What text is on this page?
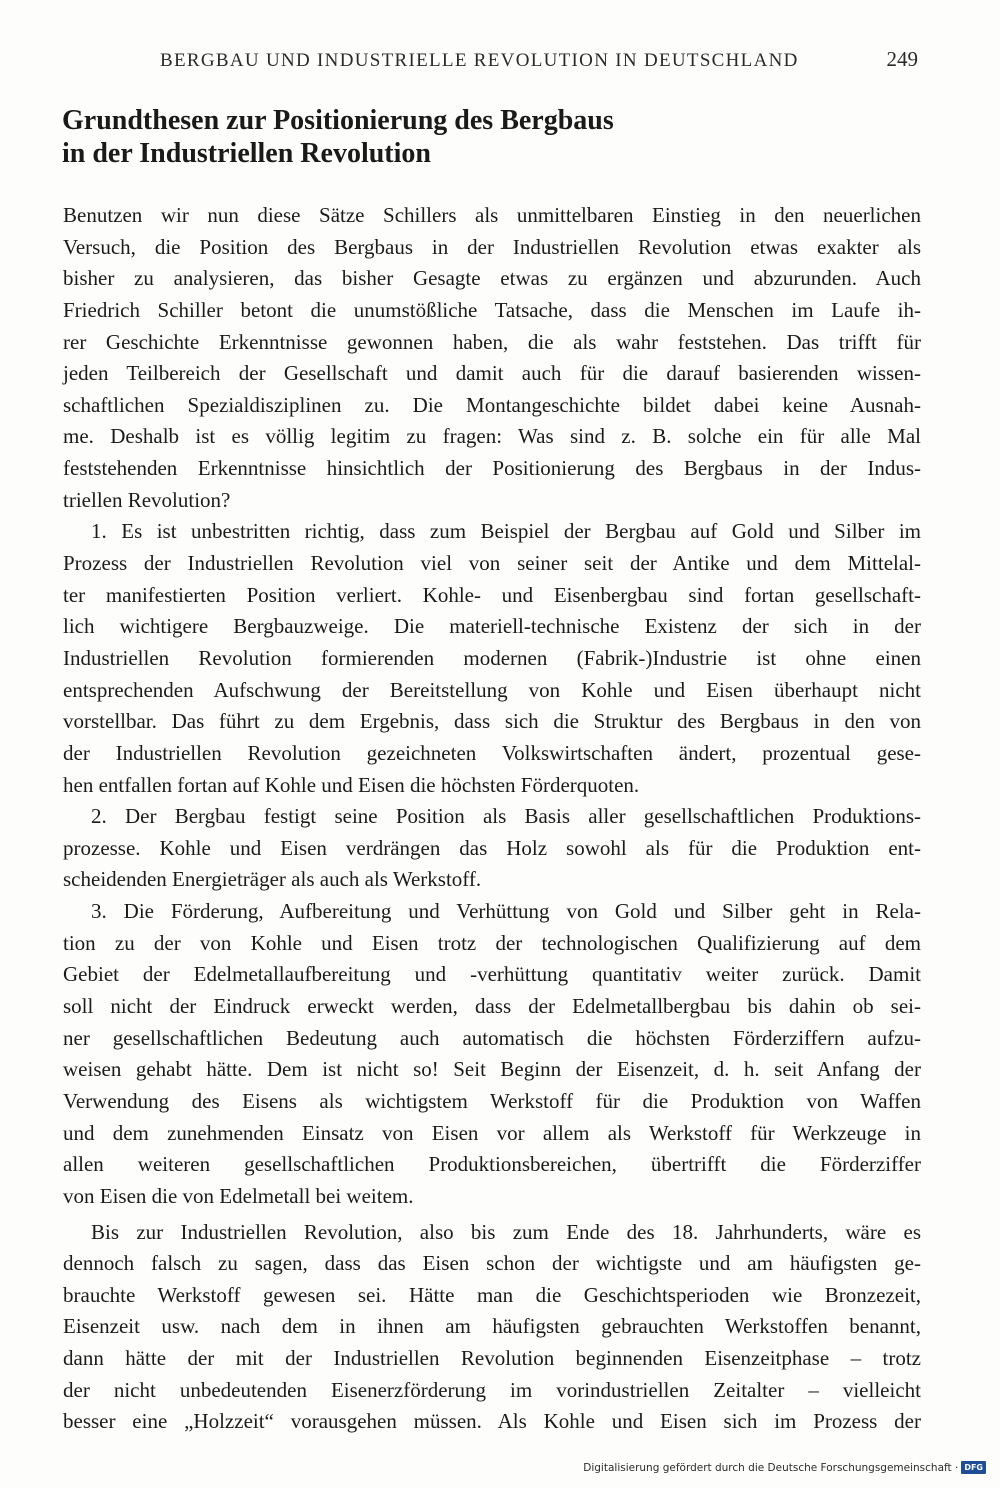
BERGBAU UND INDUSTRIELLE REVOLUTION IN DEUTSCHLAND	249
Grundthesen zur Positionierung des Bergbaus
in der Industriellen Revolution
Benutzen wir nun diese Sätze Schillers als unmittelbaren Einstieg in den neuerlichen
Versuch, die Position des Bergbaus in der Industriellen Revolution etwas exakter als
bisher zu analysieren, das bisher Gesagte etwas zu ergänzen und abzurunden. Auch
Friedrich Schiller betont die unumstößliche Tatsache, dass die Menschen im Laufe ih-
rer Geschichte Erkenntnisse gewonnen haben, die als wahr feststehen. Das trifft für
jeden Teilbereich der Gesellschaft und damit auch für die darauf basierenden wissen-
schaftlichen Spezialdisziplinen zu. Die Montangeschichte bildet dabei keine Ausnah-
me. Deshalb ist es völlig legitim zu fragen: Was sind z. B. solche ein für alle Mal
feststehenden Erkenntnisse hinsichtlich der Positionierung des Bergbaus in der Indus-
triellen Revolution?
1. Es ist unbestritten richtig, dass zum Beispiel der Bergbau auf Gold und Silber im
Prozess der Industriellen Revolution viel von seiner seit der Antike und dem Mittelal-
ter manifestierten Position verliert. Kohle- und Eisenbergbau sind fortan gesellschaft-
lich wichtigere Bergbauzweige. Die materiell-technische Existenz der sich in der
Industriellen Revolution formierenden modernen (Fabrik-)Industrie ist ohne einen
entsprechenden Aufschwung der Bereitstellung von Kohle und Eisen überhaupt nicht
vorstellbar. Das führt zu dem Ergebnis, dass sich die Struktur des Bergbaus in den von
der Industriellen Revolution gezeichneten Volkswirtschaften ändert, prozentual gese-
hen entfallen fortan auf Kohle und Eisen die höchsten Förderquoten.
2. Der Bergbau festigt seine Position als Basis aller gesellschaftlichen Produktions-
prozesse. Kohle und Eisen verdrängen das Holz sowohl als für die Produktion ent-
scheidenden Energieträger als auch als Werkstoff.
3. Die Förderung, Aufbereitung und Verhüttung von Gold und Silber geht in Rela-
tion zu der von Kohle und Eisen trotz der technologischen Qualifizierung auf dem
Gebiet der Edelmetallaufbereitung und -verhüttung quantitativ weiter zurück. Damit
soll nicht der Eindruck erweckt werden, dass der Edelmetallbergbau bis dahin ob sei-
ner gesellschaftlichen Bedeutung auch automatisch die höchsten Förderziffern aufzu-
weisen gehabt hätte. Dem ist nicht so! Seit Beginn der Eisenzeit, d. h. seit Anfang der
Verwendung des Eisens als wichtigstem Werkstoff für die Produktion von Waffen
und dem zunehmenden Einsatz von Eisen vor allem als Werkstoff für Werkzeuge in
allen weiteren gesellschaftlichen Produktionsbereichen, übertrifft die Förderziffer
von Eisen die von Edelmetall bei weitem.
Bis zur Industriellen Revolution, also bis zum Ende des 18. Jahrhunderts, wäre es
dennoch falsch zu sagen, dass das Eisen schon der wichtigste und am häufigsten ge-
brauchte Werkstoff gewesen sei. Hätte man die Geschichtsperioden wie Bronzezeit,
Eisenzeit usw. nach dem in ihnen am häufigsten gebrauchten Werkstoffen benannt,
dann hätte der mit der Industriellen Revolution beginnenden Eisenzeitphase – trotz
der nicht unbedeutenden Eisenerzförderung im vorindustriellen Zeitalter – vielleicht
besser eine „Holzzeit“ vorausgehen müssen. Als Kohle und Eisen sich im Prozess der
Digitalisierung gefördert durch die Deutsche Forschungsgemeinschaft · DFG
